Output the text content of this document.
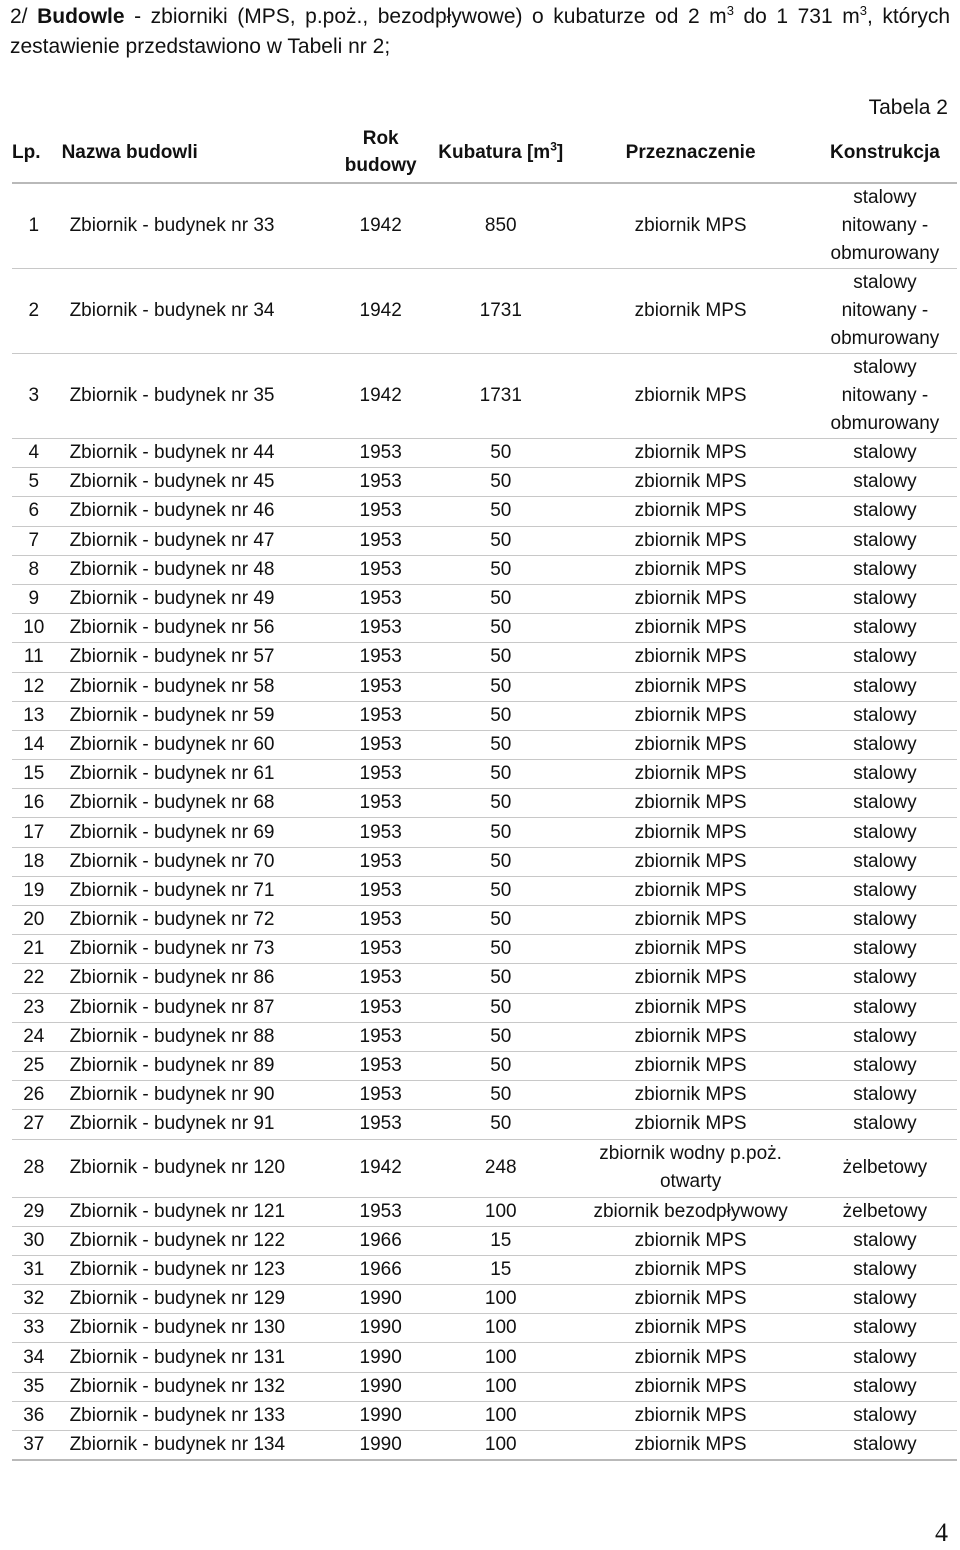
2/ Budowle - zbiorniki (MPS, p.poż., bezodpływowe) o kubaturze od 2 $m^3$ do 1 731 $m^3$, których zestawienie przedstawiono w Tabeli nr 2;
Tabela 2
Lp.	Nazwa budowli	Rok budowy	Kubatura $[m^3]$	Przeznaczenie	Konstrukcja
1	Zbiornik - budynek nr 33	1942	850	zbiornik MPS	stalowy nitowany - obmurowany
2	Zbiornik - budynek nr 34	1942	1731	zbiornik MPS	stalowy nitowany - obmurowany
3	Zbiornik - budynek nr 35	1942	1731	zbiornik MPS	stalowy nitowany - obmurowany
4	Zbiornik - budynek nr 44	1953	50	zbiornik MPS	stalowy
5	Zbiornik - budynek nr 45	1953	50	zbiornik MPS	stalowy
6	Zbiornik - budynek nr 46	1953	50	zbiornik MPS	stalowy
7	Zbiornik - budynek nr 47	1953	50	zbiornik MPS	stalowy
8	Zbiornik - budynek nr 48	1953	50	zbiornik MPS	stalowy
9	Zbiornik - budynek nr 49	1953	50	zbiornik MPS	stalowy
10	Zbiornik - budynek nr 56	1953	50	zbiornik MPS	stalowy
11	Zbiornik - budynek nr 57	1953	50	zbiornik MPS	stalowy
12	Zbiornik - budynek nr 58	1953	50	zbiornik MPS	stalowy
13	Zbiornik - budynek nr 59	1953	50	zbiornik MPS	stalowy
14	Zbiornik - budynek nr 60	1953	50	zbiornik MPS	stalowy
15	Zbiornik - budynek nr 61	1953	50	zbiornik MPS	stalowy
16	Zbiornik - budynek nr 68	1953	50	zbiornik MPS	stalowy
17	Zbiornik - budynek nr 69	1953	50	zbiornik MPS	stalowy
18	Zbiornik - budynek nr 70	1953	50	zbiornik MPS	stalowy
19	Zbiornik - budynek nr 71	1953	50	zbiornik MPS	stalowy
20	Zbiornik - budynek nr 72	1953	50	zbiornik MPS	stalowy
21	Zbiornik - budynek nr 73	1953	50	zbiornik MPS	stalowy
22	Zbiornik - budynek nr 86	1953	50	zbiornik MPS	stalowy
23	Zbiornik - budynek nr 87	1953	50	zbiornik MPS	stalowy
24	Zbiornik - budynek nr 88	1953	50	zbiornik MPS	stalowy
25	Zbiornik - budynek nr 89	1953	50	zbiornik MPS	stalowy
26	Zbiornik - budynek nr 90	1953	50	zbiornik MPS	stalowy
27	Zbiornik - budynek nr 91	1953	50	zbiornik MPS	stalowy
28	Zbiornik - budynek nr 120	1942	248	zbiornik wodny p.poż. otwarty	żelbetowy
29	Zbiornik - budynek nr 121	1953	100	zbiornik bezodpływowy	żelbetowy
30	Zbiornik - budynek nr 122	1966	15	zbiornik MPS	stalowy
31	Zbiornik - budynek nr 123	1966	15	zbiornik MPS	stalowy
32	Zbiornik - budynek nr 129	1990	100	zbiornik MPS	stalowy
33	Zbiornik - budynek nr 130	1990	100	zbiornik MPS	stalowy
34	Zbiornik - budynek nr 131	1990	100	zbiornik MPS	stalowy
35	Zbiornik - budynek nr 132	1990	100	zbiornik MPS	stalowy
36	Zbiornik - budynek nr 133	1990	100	zbiornik MPS	stalowy
37	Zbiornik - budynek nr 134	1990	100	zbiornik MPS	stalowy
4
